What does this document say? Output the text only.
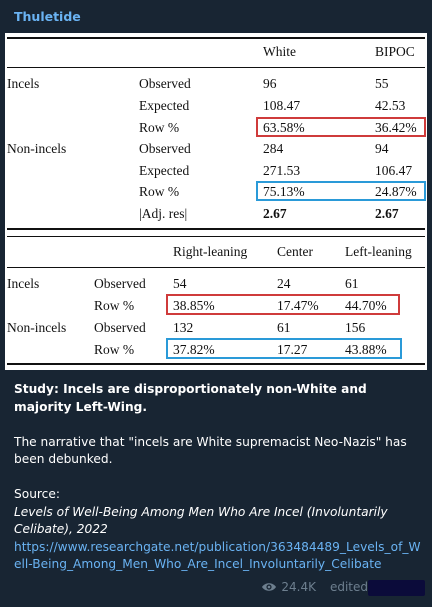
Thuletide
White	BIPOC
Incels	Observed	96	55
Expected	108.47	42.53
Row %	63.58%	36.42%
Non-incels	Observed	284	94
Expected	271.53	106.47
Row %	75.13%	24.87%
|Adj. res|	2.67	2.67
Right-leaning Center Left-leaning
Incels	Observed 54	24	61
Row %	38.85%	17.47% 44.70%
Non-incels Observed 132	61	156
Row %	37.82%	17.27	43.88%

Study: Incels are disproportionately non-White and majority Left-Wing.

The narrative that "incels are White supremacist Neo-Nazis" has been debunked.

Source:

Levels of Well-Being Among Men Who Are Incel (Involuntarily Celibate), 2022

https://www.researchgate.net/publication/363484489_Levels_of_Well-Being_Among_Men_Who_Are_Incel_Involuntarily_Celibate

24.4K edited
